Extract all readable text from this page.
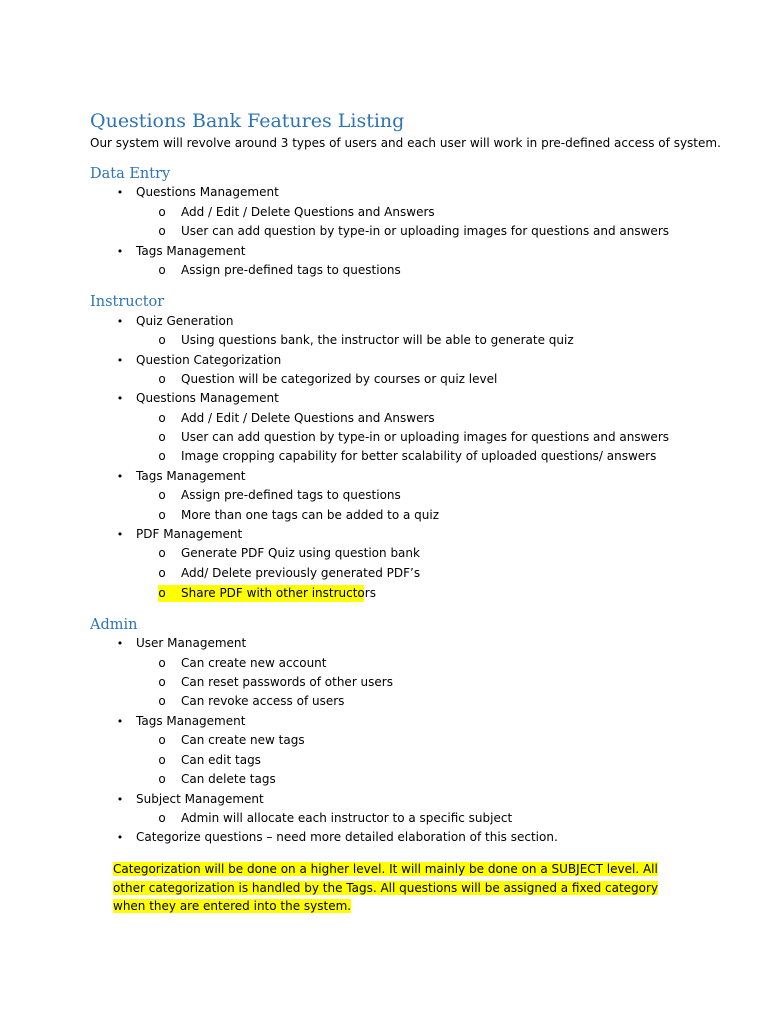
Questions Bank Features Listing

Our system will revolve around 3 types of users and each user will work in pre-defined access of system.

Data Entry
• Questions Management
o Add / Edit / Delete Questions and Answers
o User can add question by type-in or uploading images for questions and answers
• Tags Management
o Assign pre-defined tags to questions
Instructor
• Quiz Generation
o Using questions bank, the instructor will be able to generate quiz
• Question Categorization
o Question will be categorized by courses or quiz level
• Questions Management
o Add / Edit / Delete Questions and Answers
o User can add question by type-in or uploading images for questions and answers
o Image cropping capability for better scalability of uploaded questions/ answers
• Tags Management
o Assign pre-defined tags to questions
o More than one tags can be added to a quiz
• PDF Management
o Generate PDF Quiz using question bank
o Add/ Delete previously generated PDF’s
o Share PDF with other instructors
Admin
• User Management
o Can create new account
o Can reset passwords of other users
o Can revoke access of users
• Tags Management
o Can create new tags
o Can edit tags
o Can delete tags
• Subject Management
o Admin will allocate each instructor to a specific subject
• Categorize questions – need more detailed elaboration of this section.

Categorization will be done on a higher level. It will mainly be done on a SUBJECT level. All other categorization is handled by the Tags. All questions will be assigned a fixed category when they are entered into the system.
